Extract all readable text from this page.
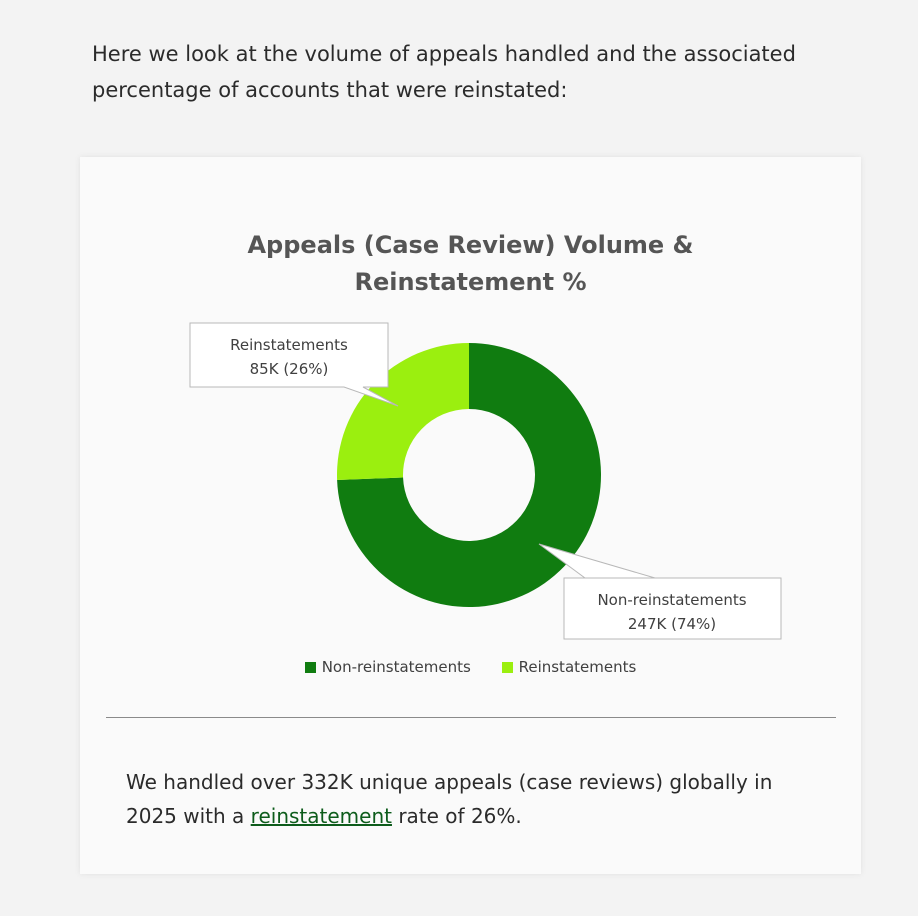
Here we look at the volume of appeals handled and the associated percentage of accounts that were reinstated:

Appeals (Case Review) Volume &
Reinstatement %
Reinstatements
85K (26%)
Non-reinstatements
247K (74%)
Non-reinstatements	Reinstatements

We handled over 332K unique appeals (case reviews) globally in 2025 with a reinstatement rate of 26%.
